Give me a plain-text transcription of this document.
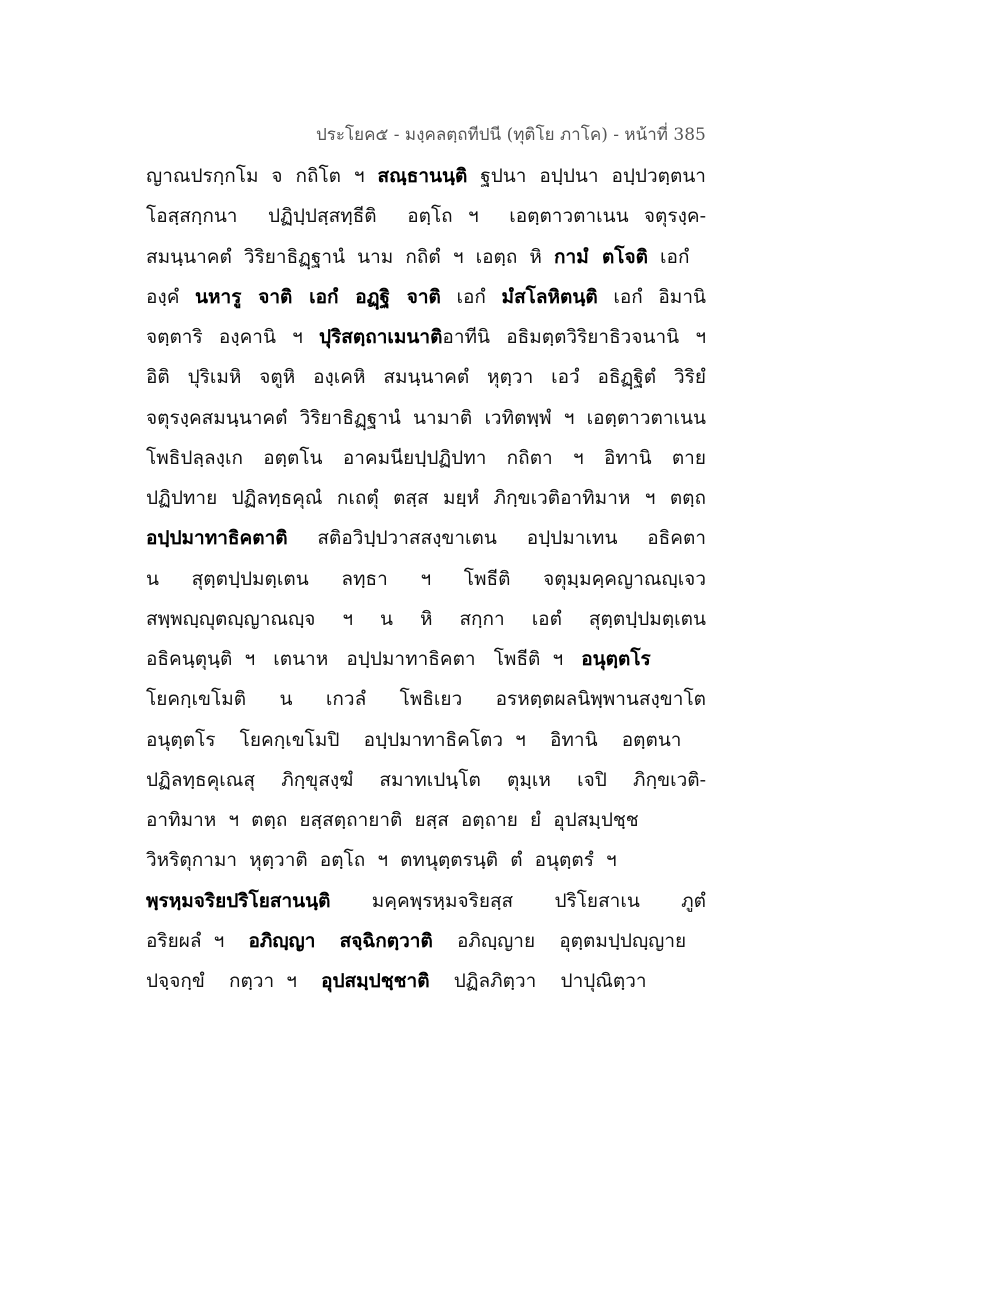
ประโยค๕ - มงฺคลตฺถทีปนี (ทุติโย ภาโค) - หน้าที่ 385
ญาณปรกฺกโม  จ  กถิโต  ฯ  สณฺธานนฺติ  ฐปนา  อปฺปนา  อปฺปวตฺตนา
โอสฺสกฺกนา    ปฏิปฺปสฺสทฺธีติ    อตฺโถ  ฯ    เอตฺตาวตาเนน  จตุรงฺค-
สมนฺนาคตํ  วิริยาธิฏฺฐานํ  นาม  กถิตํ  ฯ  เอตฺถ  หิ  กามํ  ตโจติ  เอกํ
องฺคํ  นหารู  จาติ  เอกํ  อฏฺฐิ  จาติ  เอกํ  มํสโลหิตนฺติ  เอกํ  อิมานิ
จตฺตาริ  องฺคานิ  ฯ  ปุริสตฺถาเมนาติอาทีนิ  อธิมตฺตวิริยาธิวจนานิ  ฯ
อิติ  ปุริเมหิ  จตูหิ  องฺเคหิ  สมนฺนาคตํ  หุตฺวา  เอวํ  อธิฏฺฐิตํ  วิริยํ
จตุรงฺคสมนฺนาคตํ  วิริยาธิฏฺฐานํ  นามาติ  เวทิตพฺพํ  ฯ  เอตฺตาวตาเนน
โพธิปลฺลงฺเก  อตฺตโน  อาคมนียปฺปฏิปทา  กถิตา  ฯ  อิทานิ  ตาย
ปฏิปทาย  ปฏิลทฺธคุณํ  กเถตุํ  ตสฺส  มยฺหํ  ภิกฺขเวติอาทิมาห  ฯ  ตตฺถ
อปฺปมาทาธิคตาติ    สติอวิปฺปวาสสงฺขาเตน    อปฺปมาเทน    อธิคตา
น  สุตฺตปฺปมตฺเตน  ลทฺธา  ฯ  โพธีติ  จตุมฺมคฺคญาณญฺเจว
สพฺพญฺญุตญฺญาณญฺจ  ฯ  น  หิ  สกฺกา  เอตํ  สุตฺตปฺปมตฺเตน
อธิคนฺตุนฺติ  ฯ   เตนาห   อปฺปมาทาธิคตา   โพธีติ  ฯ   อนุตฺตโร
โยคกฺเขโมติ  น  เกวลํ  โพธิเยว  อรหตฺตผลนิพฺพานสงฺขาโต
อนุตฺตโร    โยคกฺเขโมปิ    อปฺปมาทาธิคโตว  ฯ    อิทานิ    อตฺตนา
ปฏิลทฺธคุเณสุ  ภิกฺขุสงฺฆํ  สมาทเปนฺโต  ตุมฺเห  เจปิ  ภิกฺขเวติ-
อาทิมาห  ฯ  ตตฺถ  ยสฺสตฺถายาติ  ยสฺส  อตฺถาย  ยํ  อุปสมฺปชฺช
วิหริตุกามา  หุตฺวาติ  อตฺโถ  ฯ  ตทนุตฺตรนฺติ  ตํ  อนุตฺตรํ  ฯ
พฺรหฺมจริยปริโยสานนฺติ    มคฺคพฺรหฺมจริยสฺส    ปริโยสาเน    ภูตํ
อริยผลํ  ฯ    อภิญฺญา สจฺฉิกตฺวาติ    อภิญฺญาย    อุตฺตมปฺปญฺญาย
ปจฺจกฺขํ    กตฺวา  ฯ    อุปสมฺปชฺชาติ    ปฏิลภิตฺวา    ปาปุณิตฺวา
